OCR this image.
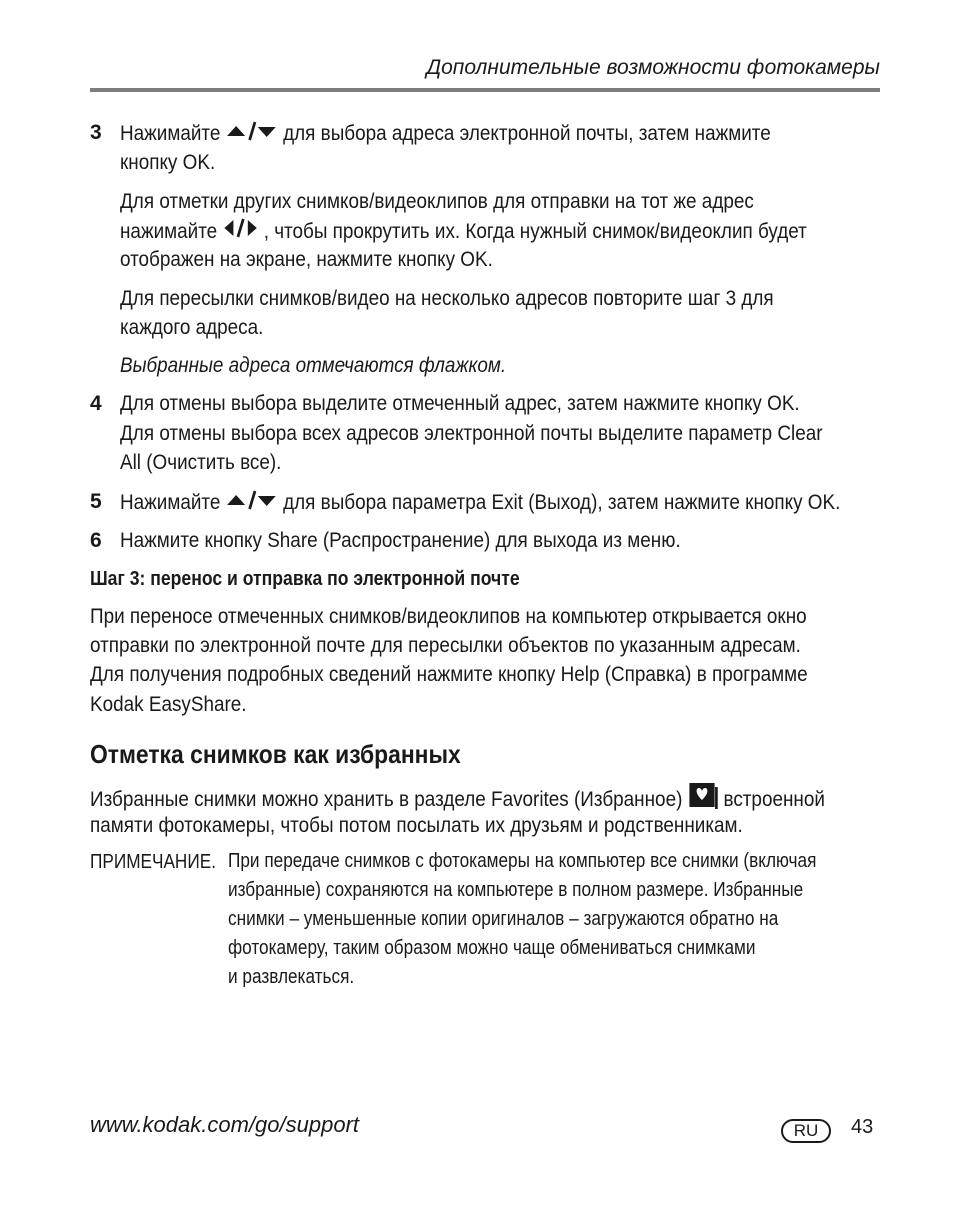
Дополнительные возможности фотокамеры
3 Нажимайте	для выбора адреса электронной почты, затем нажмите
кнопку OK.
Для отметки других снимков/видеоклипов для отправки на тот же адрес
нажимайте , чтобы прокрутить их. Когда нужный снимок/видеоклип будет
отображен на экране, нажмите кнопку OK.
Для пересылки снимков/видео на несколько адресов повторите шаг 3 для
каждого адреса.
Выбранные адреса отмечаются флажком.
4 Для отмены выбора выделите отмеченный адрес, затем нажмите кнопку OK.
Для отмены выбора всех адресов электронной почты выделите параметр Clear
All (Очистить все).
5 Нажимайте	для выбора параметра Exit (Выход), затем нажмите кнопку OK.
6 Нажмите кнопку Share (Распространение) для выхода из меню.
Шаг 3: перенос и отправка по электронной почте
При переносе отмеченных снимков/видеоклипов на компьютер открывается окно
отправки по электронной почте для пересылки объектов по указанным адресам.
Для получения подробных сведений нажмите кнопку Help (Справка) в программе
Kodak EasyShare.
Отметка снимков как избранных
Избранные снимки можно хранить в разделе Favorites (Избранное) встроенной
памяти фотокамеры, чтобы потом посылать их друзьям и родственникам.
ПРИМЕЧАНИЕ. При передаче снимков с фотокамеры на компьютер все снимки (включая
избранные) сохраняются на компьютере в полном размере. Избранные
снимки – уменьшенные копии оригиналов – загружаются обратно на
фотокамеру, таким образом можно чаще обмениваться снимками
и развлекаться.
www.kodak.com/go/support	RU	43
